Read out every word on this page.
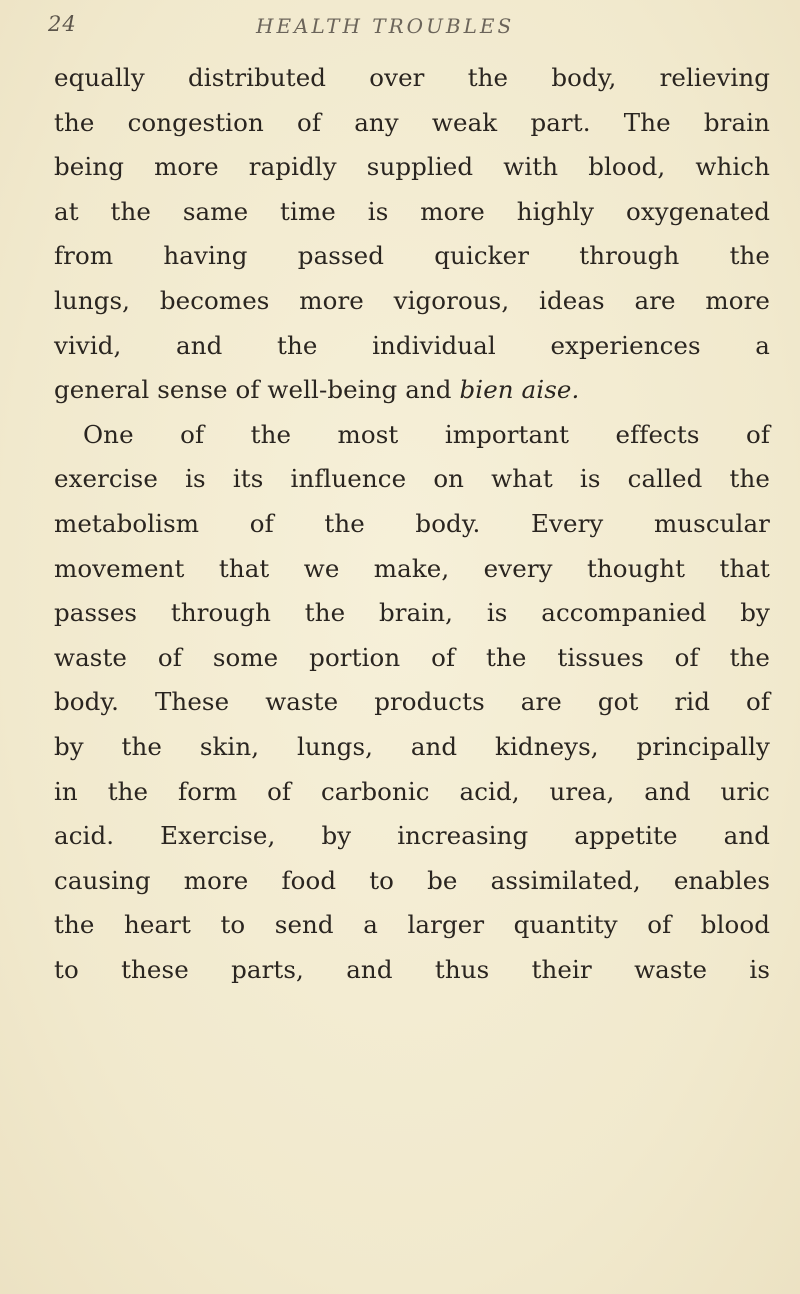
24	HEALTH TROUBLES
equally distributed over the body, relieving
the congestion of any weak part. The brain
being more rapidly supplied with blood, which
at the same time is more highly oxygenated
from having passed quicker through the
lungs, becomes more vigorous, ideas are more
vivid, and the individual experiences a
general sense of well-being and bien aise.
One of the most important effects of
exercise is its influence on what is called the
metabolism of the body. Every muscular
movement that we make, every thought that
passes through the brain, is accompanied by
waste of some portion of the tissues of the
body. These waste products are got rid of
by the skin, lungs, and kidneys, principally
in the form of carbonic acid, urea, and uric
acid. Exercise, by increasing appetite and
causing more food to be assimilated, enables
the heart to send a larger quantity of blood
to these parts, and thus their waste is
